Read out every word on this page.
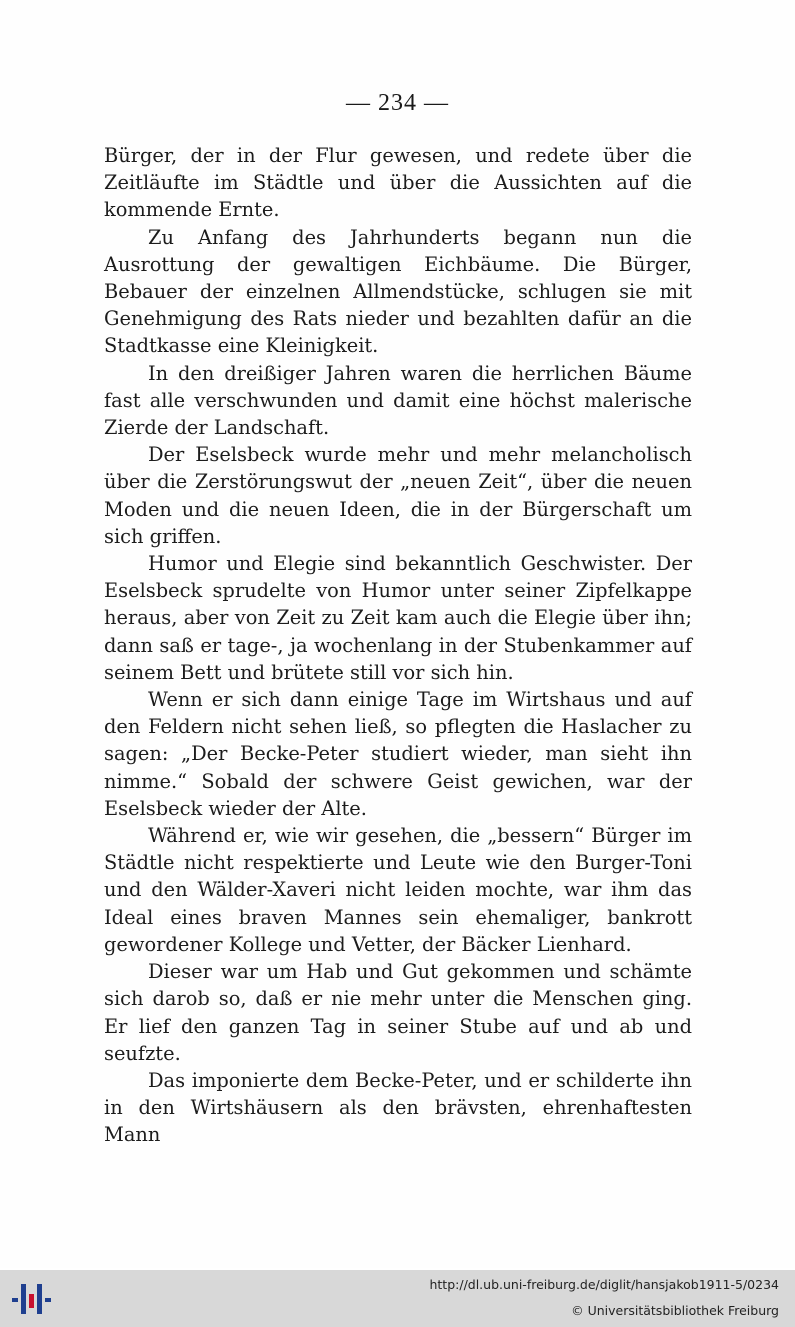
— 234 —

Bürger, der in der Flur gewesen, und redete über die Zeitläufte im Städtle und über die Aussichten auf die kommende Ernte.

Zu Anfang des Jahrhunderts begann nun die Ausrottung der gewaltigen Eichbäume. Die Bürger, Bebauer der einzelnen Allmendstücke, schlugen sie mit Genehmigung des Rats nieder und bezahlten dafür an die Stadtkasse eine Kleinigkeit.

In den dreißiger Jahren waren die herrlichen Bäume fast alle verschwunden und damit eine höchst malerische Zierde der Landschaft.

Der Eselsbeck wurde mehr und mehr melancholisch über die Zerstörungswut der „neuen Zeit“, über die neuen Moden und die neuen Ideen, die in der Bürgerschaft um sich griffen.

Humor und Elegie sind bekanntlich Geschwister. Der Eselsbeck sprudelte von Humor unter seiner Zipfelkappe heraus, aber von Zeit zu Zeit kam auch die Elegie über ihn; dann saß er tage-, ja wochenlang in der Stubenkammer auf seinem Bett und brütete still vor sich hin.

Wenn er sich dann einige Tage im Wirtshaus und auf den Feldern nicht sehen ließ, so pflegten die Haslacher zu sagen: „Der Becke-Peter studiert wieder, man sieht ihn nimme.“ Sobald der schwere Geist gewichen, war der Eselsbeck wieder der Alte.

Während er, wie wir gesehen, die „bessern“ Bürger im Städtle nicht respektierte und Leute wie den Burger-Toni und den Wälder-Xaveri nicht leiden mochte, war ihm das Ideal eines braven Mannes sein ehemaliger, bankrott gewordener Kollege und Vetter, der Bäcker Lienhard.

Dieser war um Hab und Gut gekommen und schämte sich darob so, daß er nie mehr unter die Menschen ging. Er lief den ganzen Tag in seiner Stube auf und ab und seufzte.

Das imponierte dem Becke-Peter, und er schilderte ihn in den Wirtshäusern als den brävsten, ehrenhaftesten Mann

http://dl.ub.uni-freiburg.de/diglit/hansjakob1911-5/0234
© Universitätsbibliothek Freiburg
